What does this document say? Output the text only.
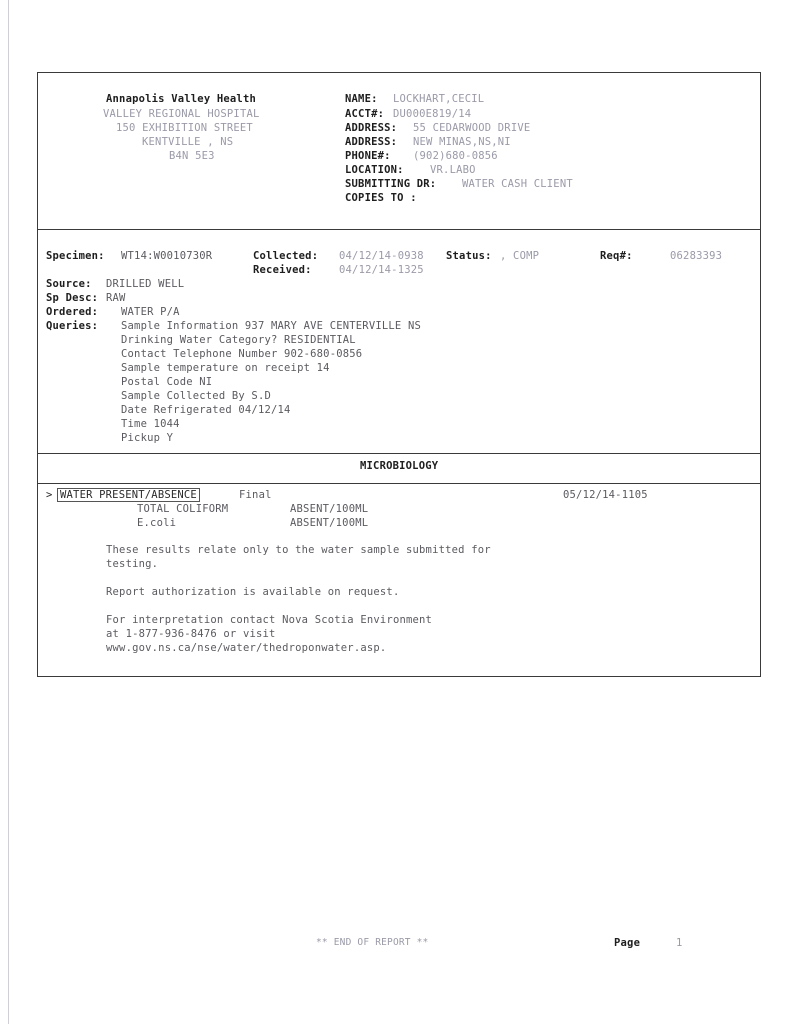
Annapolis Valley Health
VALLEY REGIONAL HOSPITAL
150 EXHIBITION STREET
KENTVILLE , NS
B4N 5E3
NAME: LOCKHART,CECIL
ACCT#: DU000E819/14
ADDRESS: 55 CEDARWOOD DRIVE
ADDRESS: NEW MINAS,NS,NI
PHONE#: (902)680-0856
LOCATION:	VR.LABO
SUBMITTING DR: WATER CASH CLIENT
COPIES TO :
Specimen: WT14:W0010730R	Collected: 04/12/14-0938 Status: , COMP	Req#:	06283393
Received:	04/12/14-1325
Source: DRILLED WELL
Sp Desc: RAW
Ordered: WATER P/A
Queries: Sample Information 937 MARY AVE CENTERVILLE NS
Drinking Water Category? RESIDENTIAL
Contact Telephone Number 902-680-0856
Sample temperature on receipt 14
Postal Code NI
Sample Collected By S.D
Date Refrigerated 04/12/14
Time 1044
Pickup Y
MICROBIOLOGY
> WATER PRESENT/ABSENCE	Final	05/12/14-1105
TOTAL COLIFORM	ABSENT/100ML
E.coli	ABSENT/100ML
These results relate only to the water sample submitted for
testing.
Report authorization is available on request.
For interpretation contact Nova Scotia Environment
at 1-877-936-8476 or visit
www.gov.ns.ca/nse/water/thedroponwater.asp.
** END OF REPORT **	Page	1
